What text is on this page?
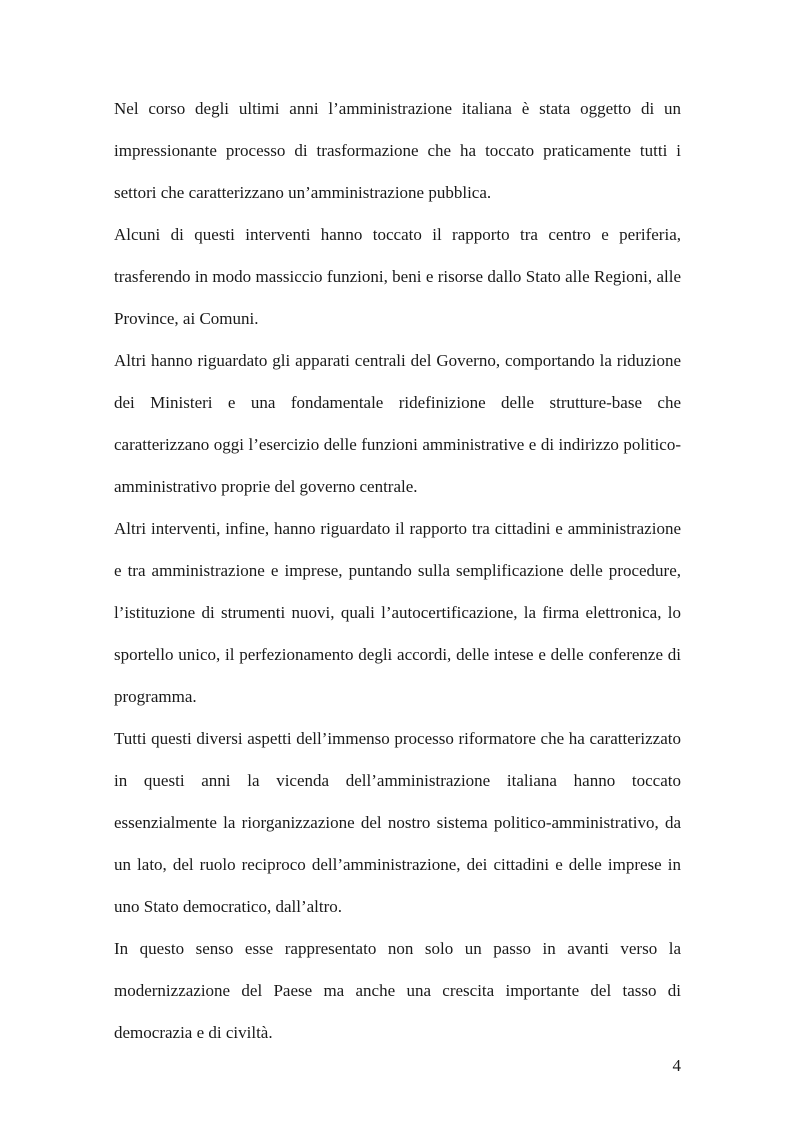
Nel corso degli ultimi anni l’amministrazione italiana è stata oggetto di un impressionante processo di trasformazione che ha toccato praticamente tutti i settori che caratterizzano un’amministrazione pubblica.

Alcuni di questi interventi hanno toccato il rapporto tra centro e periferia, trasferendo in modo massiccio funzioni, beni e risorse dallo Stato alle Regioni, alle Province, ai Comuni.

Altri hanno riguardato gli apparati centrali del Governo, comportando la riduzione dei Ministeri e una fondamentale ridefinizione delle strutture-base che caratterizzano oggi l’esercizio delle funzioni amministrative e di indirizzo politico-amministrativo proprie del governo centrale.

Altri interventi, infine, hanno riguardato il rapporto tra cittadini e amministrazione e tra amministrazione e imprese, puntando sulla semplificazione delle procedure, l’istituzione di strumenti nuovi, quali l’autocertificazione, la firma elettronica, lo sportello unico, il perfezionamento degli accordi, delle intese e delle conferenze di programma.

Tutti questi diversi aspetti dell’immenso processo riformatore che ha caratterizzato in questi anni la vicenda dell’amministrazione italiana hanno toccato essenzialmente la riorganizzazione del nostro sistema politico-amministrativo, da un lato, del ruolo reciproco dell’amministrazione, dei cittadini e delle imprese in uno Stato democratico, dall’altro.

In questo senso esse rappresentato non solo un passo in avanti verso la modernizzazione del Paese ma anche una crescita importante del tasso di democrazia e di civiltà.

4
